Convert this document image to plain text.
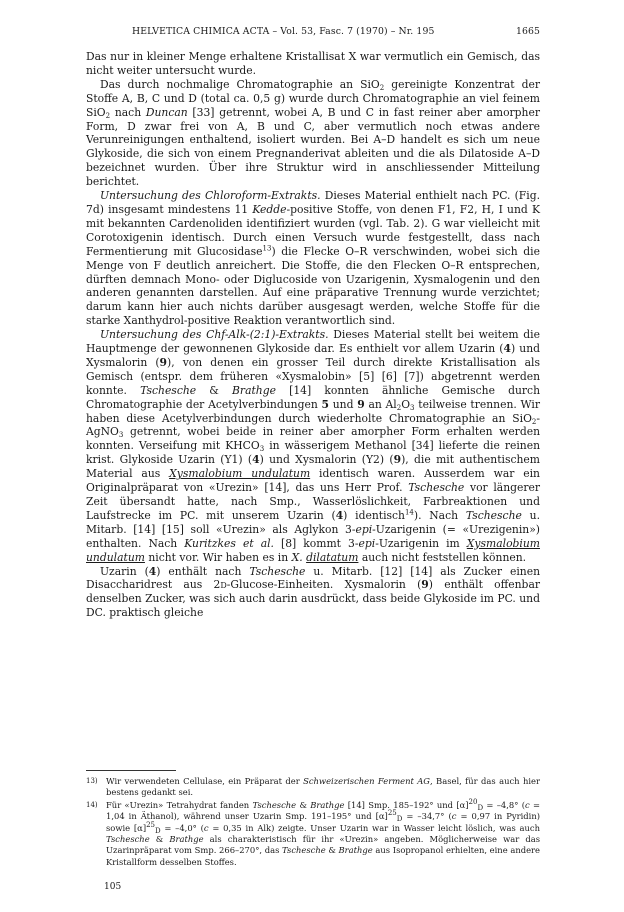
HELVETICA CHIMICA ACTA – Vol. 53, Fasc. 7 (1970) – Nr. 195	1665

Das nur in kleiner Menge erhaltene Kristallisat X war vermutlich ein Gemisch, das nicht weiter untersucht wurde.

Das durch nochmalige Chromatographie an SiO$_2$ gereinigte Konzentrat der Stoffe A, B, C und D (total ca. 0,5 g) wurde durch Chromatographie an viel feinem SiO$_2$ nach Duncan [33] getrennt, wobei A, B und C in fast reiner aber amorpher Form, D zwar frei von A, B und C, aber vermutlich noch etwas andere Verunreinigungen enthaltend, isoliert wurden. Bei A–D handelt es sich um neue Glykoside, die sich von einem Pregnanderivat ableiten und die als Dilatoside A–D bezeichnet wurden. Über ihre Struktur wird in anschliessender Mitteilung berichtet.

Untersuchung des Chloroform-Extrakts. Dieses Material enthielt nach PC. (Fig. 7d) insgesamt mindestens 11 Kedde-positive Stoffe, von denen F1, F2, H, I und K mit bekannten Cardenoliden identifiziert wurden (vgl. Tab. 2). G war vielleicht mit Corotoxigenin identisch. Durch einen Versuch wurde festgestellt, dass nach Fermentierung mit Glucosidase$^{13}$) die Flecke O–R verschwinden, wobei sich die Menge von F deutlich anreichert. Die Stoffe, die den Flecken O–R entsprechen, dürften demnach Mono- oder Diglucoside von Uzarigenin, Xysmalogenin und den anderen genannten darstellen. Auf eine präparative Trennung wurde verzichtet; darum kann hier auch nichts darüber ausgesagt werden, welche Stoffe für die starke Xanthydrol-positive Reaktion verantwortlich sind.

Untersuchung des Chf-Alk-(2:1)-Extrakts. Dieses Material stellt bei weitem die Hauptmenge der gewonnenen Glykoside dar. Es enthielt vor allem Uzarin (4) und Xysmalorin (9), von denen ein grosser Teil durch direkte Kristallisation als Gemisch (entspr. dem früheren «Xysmalobin» [5] [6] [7]) abgetrennt werden konnte. Tschesche & Brathge [14] konnten ähnliche Gemische durch Chromatographie der Acetylverbindungen 5 und 9 an $Al_2O_3$ teilweise trennen. Wir haben diese Acetylverbindungen durch wiederholte Chromatographie an SiO$_2$-AgNO$_3$ getrennt, wobei beide in reiner aber amorpher Form erhalten werden konnten. Verseifung mit $KHCO_3$ in wässerigem Methanol [34] lieferte die reinen krist. Glykoside Uzarin (Y1) (4) und Xysmalorin (Y2) (9), die mit authentischem Material aus Xysmalobium undulatum identisch waren. Ausserdem war ein Originalpräparat von «Urezin» [14], das uns Herr Prof. Tschesche vor längerer Zeit übersandt hatte, nach Smp., Wasserlöslichkeit, Farbreaktionen und Laufstrecke im PC. mit unserem Uzarin (4) identisch$^{14}$). Nach Tschesche u. Mitarb. [14] [15] soll «Urezin» als Aglykon 3-epi-Uzarigenin (= «Urezigenin») enthalten. Nach Kuritzkes et al. [8] kommt 3-epi-Uzarigenin im Xysmalobium undulatum nicht vor. Wir haben es in X. dilatatum auch nicht feststellen können.

Uzarin (4) enthält nach Tschesche u. Mitarb. [12] [14] als Zucker einen Disaccharidrest aus 2d-Glucose-Einheiten. Xysmalorin (9) enthält offenbar denselben Zucker, was sich auch darin ausdrückt, dass beide Glykoside im PC. und DC. praktisch gleiche

13) Wir verwendeten Cellulase, ein Präparat der Schweizerischen Ferment AG, Basel, für das auch hier bestens gedankt sei.
14) Für «Urezin» Tetrahydrat fanden Tschesche & Brathge [14] Smp. 185–192° und $[\alpha]^{20}_D = -4,8^\circ$ (c = 1,04 in Äthanol), während unser Uzarin Smp. 191–195° und $[\alpha]^{25}_D = -34,7^\circ$ (c = 0,97 in Pyridin) sowie $[\alpha]^{25}_D = -4,0^\circ$ (c = 0,35 in Alk) zeigte. Unser Uzarin war in Wasser leicht löslich, was auch Tschesche & Brathge als charakteristisch für ihr «Urezin» angeben. Möglicherweise war das Uzarinpräparat vom Smp. 266–270°, das Tschesche & Brathge aus Isopropanol erhielten, eine andere Kristallform desselben Stoffes.
105
